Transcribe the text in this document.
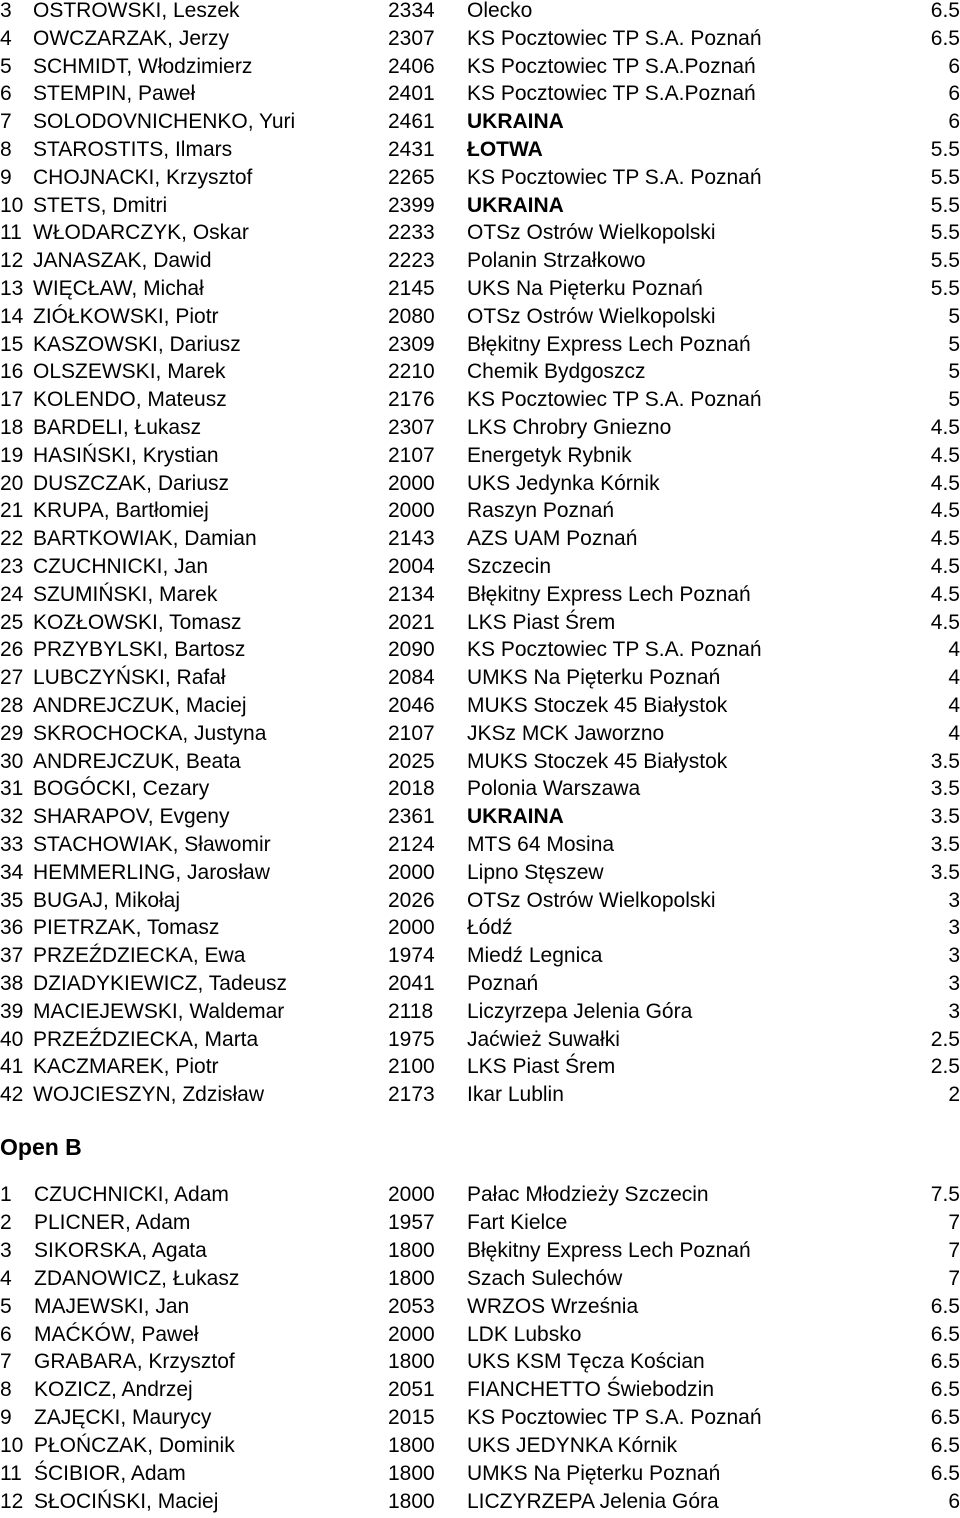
3 OSTROWSKI, Leszek	2334 Olecko	6.5
4 OWCZARZAK, Jerzy	2307 KS Pocztowiec TP S.A. Poznań	6.5
5 SCHMIDT, Włodzimierz	2406 KS Pocztowiec TP S.A.Poznań	6
6 STEMPIN, Paweł	2401 KS Pocztowiec TP S.A.Poznań	6
7 SOLODOVNICHENKO, Yuri	2461 UKRAINA	6
8 STAROSTITS, Ilmars	2431 ŁOTWA	5.5
9 CHOJNACKI, Krzysztof	2265 KS Pocztowiec TP S.A. Poznań	5.5
10 STETS, Dmitri	2399 UKRAINA	5.5
11 WŁODARCZYK, Oskar	2233 OTSz Ostrów Wielkopolski	5.5
12 JANASZAK, Dawid	2223 Polanin Strzałkowo	5.5
13 WIĘCŁAW, Michał	2145 UKS Na Pięterku Poznań	5.5
14 ZIÓŁKOWSKI, Piotr	2080 OTSz Ostrów Wielkopolski	5
15 KASZOWSKI, Dariusz	2309 Błękitny Express Lech Poznań	5
16 OLSZEWSKI, Marek	2210 Chemik Bydgoszcz	5
17 KOLENDO, Mateusz	2176 KS Pocztowiec TP S.A. Poznań	5
18 BARDELI, Łukasz	2307 LKS Chrobry Gniezno	4.5
19 HASIŃSKI, Krystian	2107 Energetyk Rybnik	4.5
20 DUSZCZAK, Dariusz	2000 UKS Jedynka Kórnik	4.5
21 KRUPA, Bartłomiej	2000 Raszyn Poznań	4.5
22 BARTKOWIAK, Damian	2143 AZS UAM Poznań	4.5
23 CZUCHNICKI, Jan	2004 Szczecin	4.5
24 SZUMIŃSKI, Marek	2134 Błękitny Express Lech Poznań	4.5
25 KOZŁOWSKI, Tomasz	2021 LKS Piast Śrem	4.5
26 PRZYBYLSKI, Bartosz	2090 KS Pocztowiec TP S.A. Poznań	4
27 LUBCZYŃSKI, Rafał	2084 UMKS Na Pięterku Poznań	4
28 ANDREJCZUK, Maciej	2046 MUKS Stoczek 45 Białystok	4
29 SKROCHOCKA, Justyna	2107 JKSz MCK Jaworzno	4
30 ANDREJCZUK, Beata	2025 MUKS Stoczek 45 Białystok	3.5
31 BOGÓCKI, Cezary	2018 Polonia Warszawa	3.5
32 SHARAPOV, Evgeny	2361 UKRAINA	3.5
33 STACHOWIAK, Sławomir	2124 MTS 64 Mosina	3.5
34 HEMMERLING, Jarosław	2000 Lipno Stęszew	3.5
35 BUGAJ, Mikołaj	2026 OTSz Ostrów Wielkopolski	3
36 PIETRZAK, Tomasz	2000 Łódź	3
37 PRZEŹDZIECKA, Ewa	1974 Miedź Legnica	3
38 DZIADYKIEWICZ, Tadeusz	2041 Poznań	3
39 MACIEJEWSKI, Waldemar	2118 Liczyrzepa Jelenia Góra	3
40 PRZEŹDZIECKA, Marta	1975 Jaćwież Suwałki	2.5
41 KACZMAREK, Piotr	2100 LKS Piast Śrem	2.5
42 WOJCIESZYN, Zdzisław	2173 Ikar Lublin	2
Open B
1 CZUCHNICKI, Adam	2000 Pałac Młodzieży Szczecin	7.5
2 PLICNER, Adam	1957 Fart Kielce	7
3 SIKORSKA, Agata	1800 Błękitny Express Lech Poznań	7
4 ZDANOWICZ, Łukasz	1800 Szach Sulechów	7
5 MAJEWSKI, Jan	2053 WRZOS Września	6.5
6 MAĆKÓW, Paweł	2000 LDK Lubsko	6.5
7 GRABARA, Krzysztof	1800 UKS KSM Tęcza Kościan	6.5
8 KOZICZ, Andrzej	2051 FIANCHETTO Świebodzin	6.5
9 ZAJĘCKI, Maurycy	2015 KS Pocztowiec TP S.A. Poznań	6.5
10 PŁOŃCZAK, Dominik	1800 UKS JEDYNKA Kórnik	6.5
11 ŚCIBIOR, Adam	1800 UMKS Na Pięterku Poznań	6.5
12 SŁOCIŃSKI, Maciej	1800 LICZYRZEPA Jelenia Góra	6
